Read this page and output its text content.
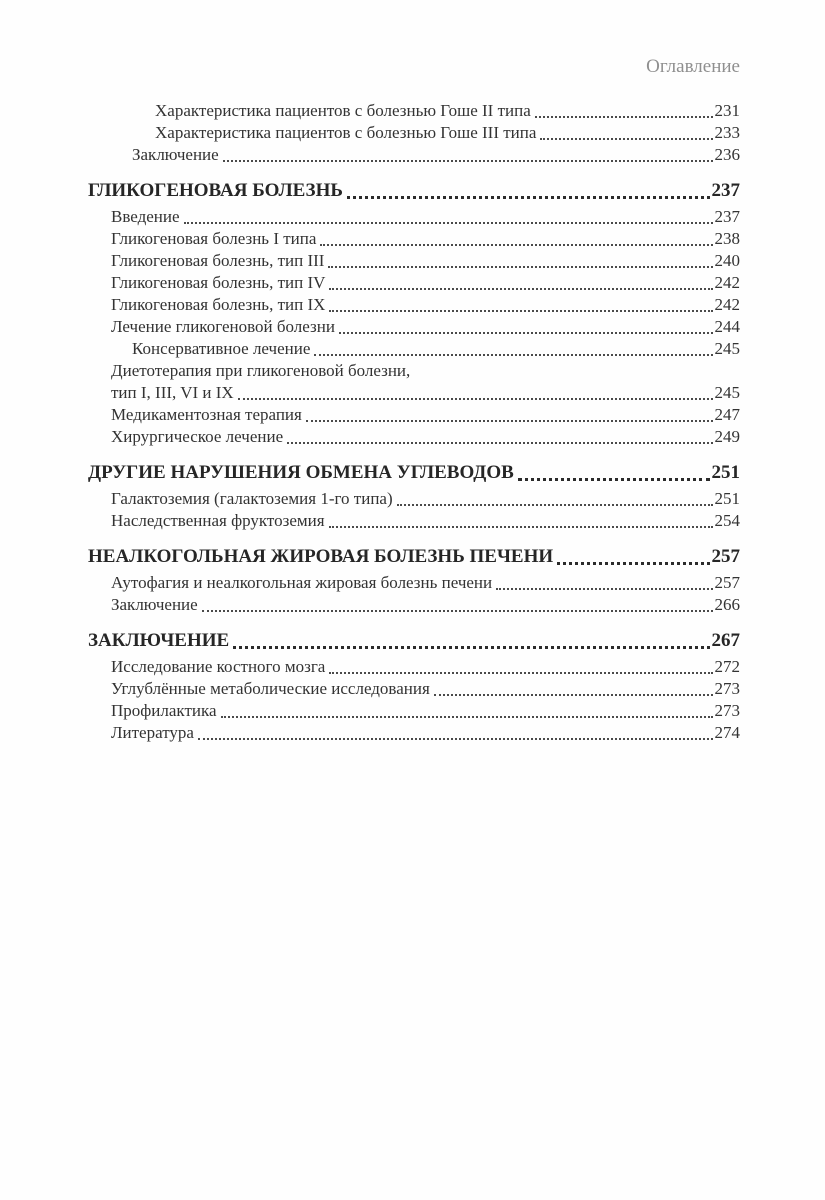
Оглавление
Характеристика пациентов с болезнью Гоше II типа	231
Характеристика пациентов с болезнью Гоше III типа	233
Заключение	236
ГЛИКОГЕНОВАЯ БОЛЕЗНЬ	237
Введение	237
Гликогеновая болезнь I типа	238
Гликогеновая болезнь, тип III	240
Гликогеновая болезнь, тип IV	242
Гликогеновая болезнь, тип IX	242
Лечение гликогеновой болезни	244
Консервативное лечение	245
Диетотерапия при гликогеновой болезни,
тип I, III, VI и IX	245
Медикаментозная терапия	247
Хирургическое лечение	249
ДРУГИЕ НАРУШЕНИЯ ОБМЕНА УГЛЕВОДОВ	251
Галактоземия (галактоземия 1-го типа)	251
Наследственная фруктоземия	254
НЕАЛКОГОЛЬНАЯ ЖИРОВАЯ БОЛЕЗНЬ ПЕЧЕНИ	257
Аутофагия и неалкогольная жировая болезнь печени	257
Заключение	266
ЗАКЛЮЧЕНИЕ	267
Исследование костного мозга	272
Углублённые метаболические исследования	273
Профилактика	273
Литература	274
